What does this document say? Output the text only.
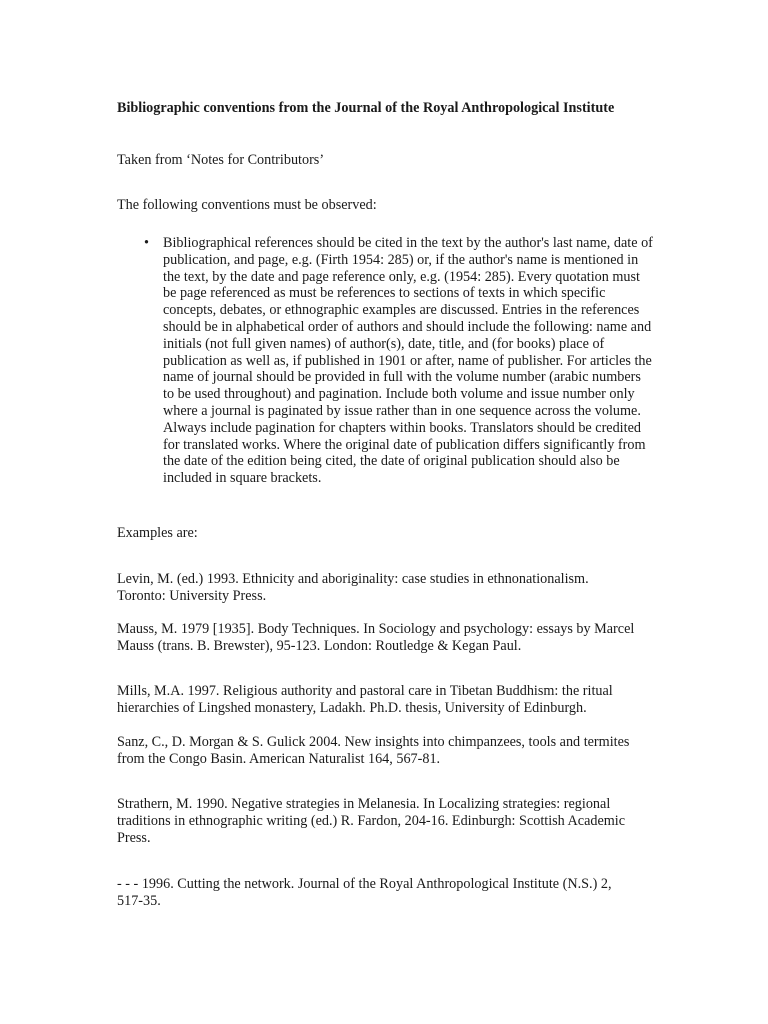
Bibliographic conventions from the Journal of the Royal Anthropological Institute

Taken from ‘Notes for Contributors’

The following conventions must be observed:

• Bibliographical references should be cited in the text by the author's last name, date of publication, and page, e.g. (Firth 1954: 285) or, if the author's name is mentioned in the text, by the date and page reference only, e.g. (1954: 285). Every quotation must be page referenced as must be references to sections of texts in which specific concepts, debates, or ethnographic examples are discussed. Entries in the references should be in alphabetical order of authors and should include the following: name and initials (not full given names) of author(s), date, title, and (for books) place of publication as well as, if published in 1901 or after, name of publisher. For articles the name of journal should be provided in full with the volume number (arabic numbers to be used throughout) and pagination. Include both volume and issue number only where a journal is paginated by issue rather than in one sequence across the volume. Always include pagination for chapters within books. Translators should be credited for translated works. Where the original date of publication differs significantly from the date of the edition being cited, the date of original publication should also be included in square brackets.

Examples are:

Levin, M. (ed.) 1993. Ethnicity and aboriginality: case studies in ethnonationalism. Toronto: University Press.

Mauss, M. 1979 [1935]. Body Techniques. In Sociology and psychology: essays by Marcel Mauss (trans. B. Brewster), 95-123. London: Routledge & Kegan Paul.

Mills, M.A. 1997. Religious authority and pastoral care in Tibetan Buddhism: the ritual hierarchies of Lingshed monastery, Ladakh. Ph.D. thesis, University of Edinburgh.

Sanz, C., D. Morgan & S. Gulick 2004. New insights into chimpanzees, tools and termites from the Congo Basin. American Naturalist 164, 567-81.

Strathern, M. 1990. Negative strategies in Melanesia. In Localizing strategies: regional traditions in ethnographic writing (ed.) R. Fardon, 204-16. Edinburgh: Scottish Academic Press.

- - - 1996. Cutting the network. Journal of the Royal Anthropological Institute (N.S.) 2, 517-35.
